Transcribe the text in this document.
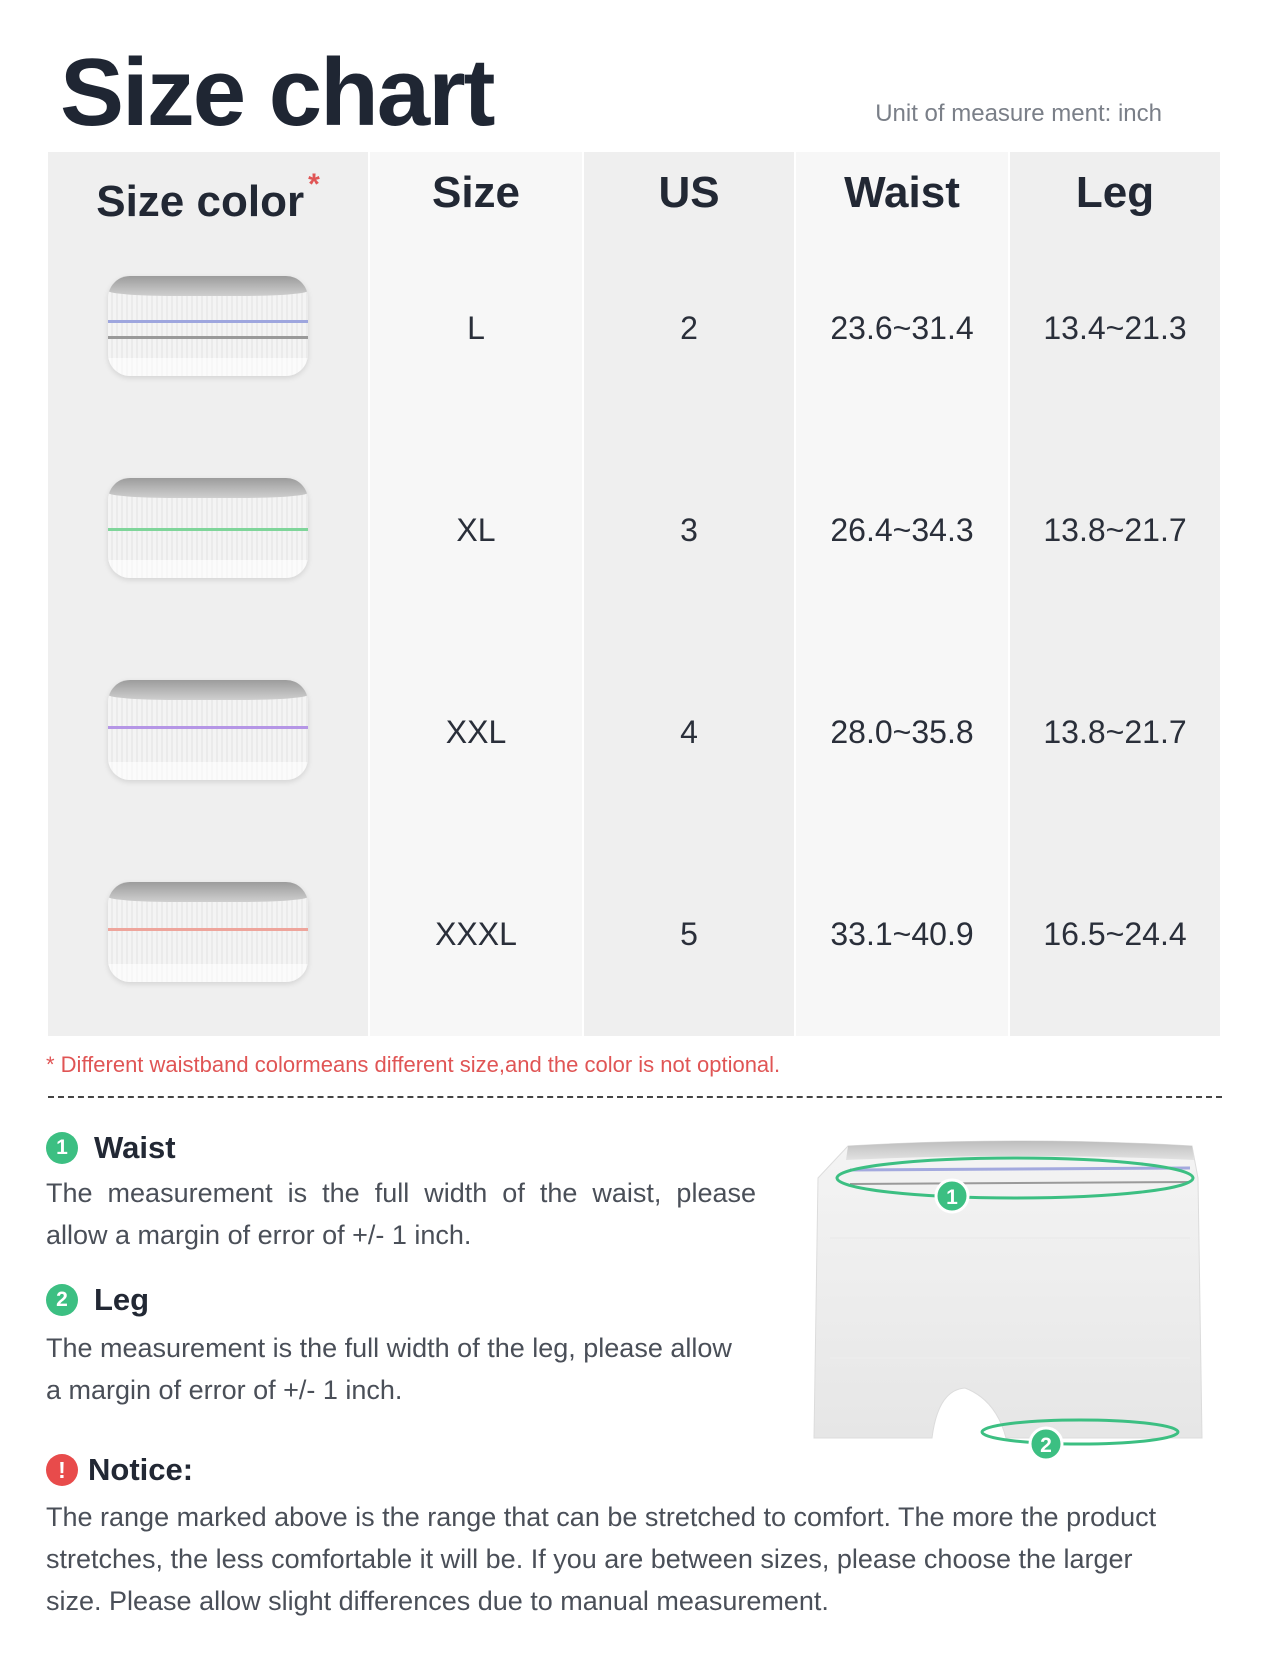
Size chart	Unit of measure ment: inch
Size color *	Size
L
XL
XXL
XXXL
US
2
3
4
5
Waist
23.6~31.4
26.4~34.3
28.0~35.8
33.1~40.9
Leg
13.4~21.3
13.8~21.7
13.8~21.7
16.5~24.4
* Different waistband colormeans different size,and the color is not optional.
1 Waist
The measurement is the full width of the waist, please allow a margin of error of +/- 1 inch.
2 Leg
The measurement is the full width of the leg, please allow
a margin of error of +/- 1 inch.
! Notice:
The range marked above is the range that can be stretched to comfort. The more the product
stretches, the less comfortable it will be. If you are between sizes, please choose the larger
size. Please allow slight differences due to manual measurement.
1
2
